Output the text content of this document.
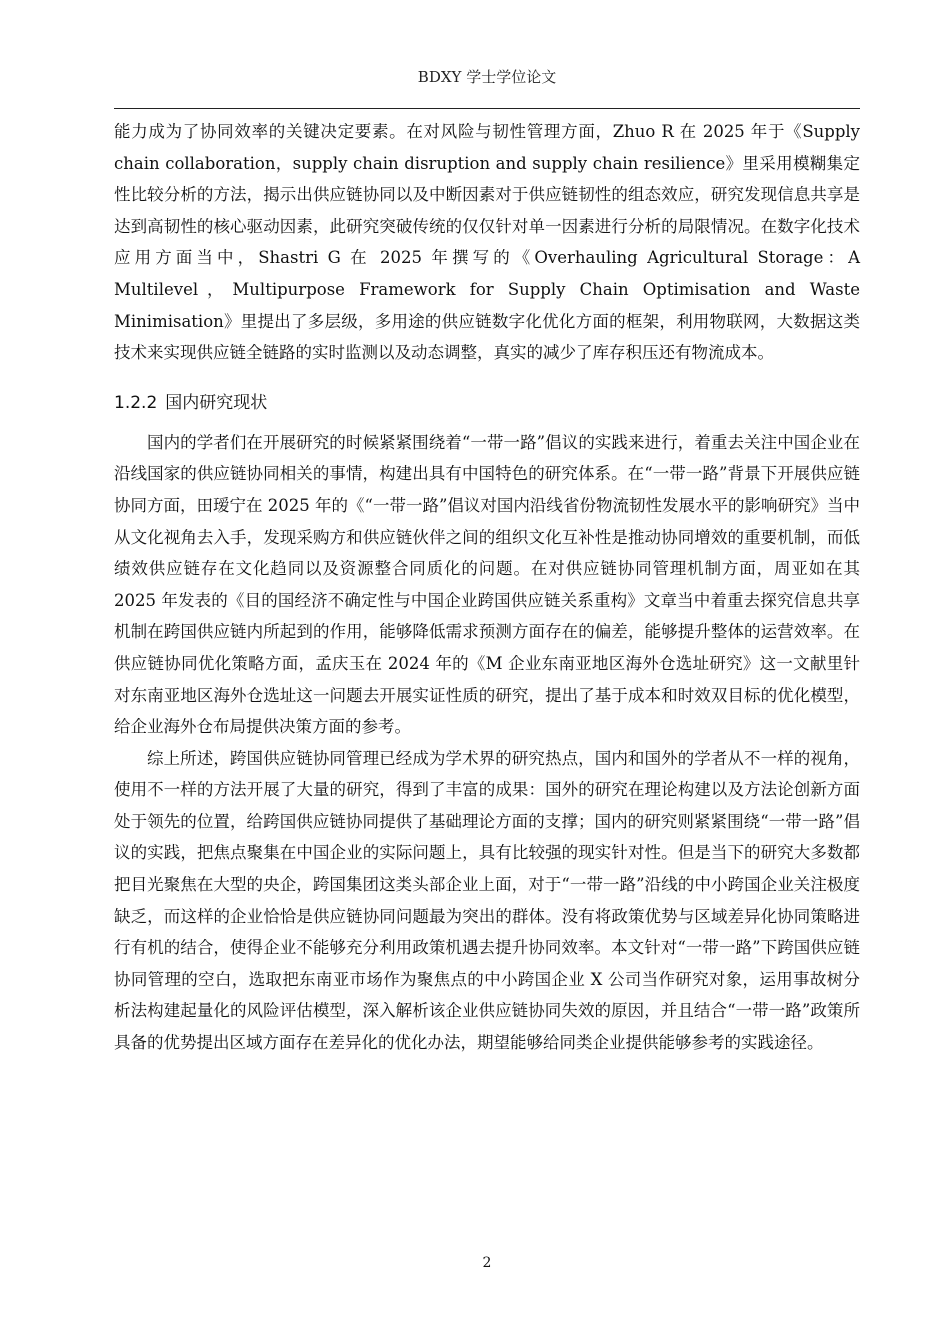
BDXY 学士学位论文

能力成为了协同效率的关键决定要素。在对风险与韧性管理方面，Zhuo R 在 2025 年于《Supply chain collaboration，supply chain disruption and supply chain resilience》里采用模糊集定性比较分析的方法，揭示出供应链协同以及中断因素对于供应链韧性的组态效应，研究发现信息共享是达到高韧性的核心驱动因素，此研究突破传统的仅仅针对单一因素进行分析的局限情况。在数字化技术应用方面当中，Shastri G 在 2025 年撰写的《Overhauling Agricultural Storage：A Multilevel，Multipurpose Framework for Supply Chain Optimisation and Waste Minimisation》里提出了多层级，多用途的供应链数字化优化方面的框架，利用物联网，大数据这类技术来实现供应链全链路的实时监测以及动态调整，真实的减少了库存积压还有物流成本。

1.2.2 国内研究现状

国内的学者们在开展研究的时候紧紧围绕着“一带一路”倡议的实践来进行，着重去关注中国企业在沿线国家的供应链协同相关的事情，构建出具有中国特色的研究体系。在“一带一路”背景下开展供应链协同方面，田瑷宁在 2025 年的《“一带一路”倡议对国内沿线省份物流韧性发展水平的影响研究》当中从文化视角去入手，发现采购方和供应链伙伴之间的组织文化互补性是推动协同增效的重要机制，而低绩效供应链存在文化趋同以及资源整合同质化的问题。在对供应链协同管理机制方面，周亚如在其 2025 年发表的《目的国经济不确定性与中国企业跨国供应链关系重构》文章当中着重去探究信息共享机制在跨国供应链内所起到的作用，能够降低需求预测方面存在的偏差，能够提升整体的运营效率。在供应链协同优化策略方面，孟庆玉在 2024 年的《M 企业东南亚地区海外仓选址研究》这一文献里针对东南亚地区海外仓选址这一问题去开展实证性质的研究，提出了基于成本和时效双目标的优化模型，给企业海外仓布局提供决策方面的参考。

综上所述，跨国供应链协同管理已经成为学术界的研究热点，国内和国外的学者从不一样的视角，使用不一样的方法开展了大量的研究，得到了丰富的成果：国外的研究在理论构建以及方法论创新方面处于领先的位置，给跨国供应链协同提供了基础理论方面的支撑；国内的研究则紧紧围绕“一带一路”倡议的实践，把焦点聚集在中国企业的实际问题上，具有比较强的现实针对性。但是当下的研究大多数都把目光聚焦在大型的央企，跨国集团这类头部企业上面，对于“一带一路”沿线的中小跨国企业关注极度缺乏，而这样的企业恰恰是供应链协同问题最为突出的群体。没有将政策优势与区域差异化协同策略进行有机的结合，使得企业不能够充分利用政策机遇去提升协同效率。本文针对“一带一路”下跨国供应链协同管理的空白，选取把东南亚市场作为聚焦点的中小跨国企业 X 公司当作研究对象，运用事故树分析法构建起量化的风险评估模型，深入解析该企业供应链协同失效的原因，并且结合“一带一路”政策所具备的优势提出区域方面存在差异化的优化办法，期望能够给同类企业提供能够参考的实践途径。

2
